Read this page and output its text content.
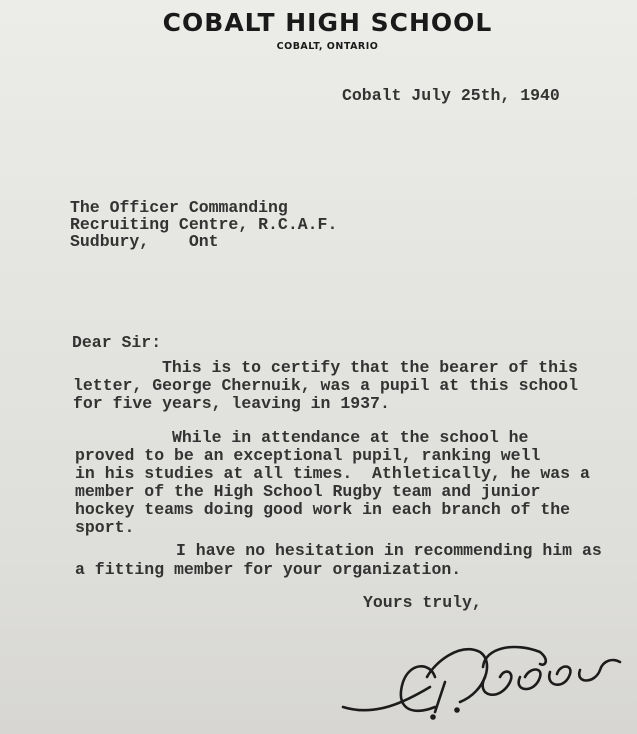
COBALT HIGH SCHOOL
COBALT, ONTARIO
Cobalt July 25th, 1940
The Officer Commanding
Recruiting Centre, R.C.A.F.
Sudbury,    Ont
Dear Sir:
This is to certify that the bearer of this
letter, George Chernuik, was a pupil at this school
for five years, leaving in 1937.
While in attendance at the school he
proved to be an exceptional pupil, ranking well
in his studies at all times.  Athletically, he was a
member of the High School Rugby team and junior
hockey teams doing good work in each branch of the
sport.
I have no hesitation in recommending him as
a fitting member for your organization.
Yours truly,
